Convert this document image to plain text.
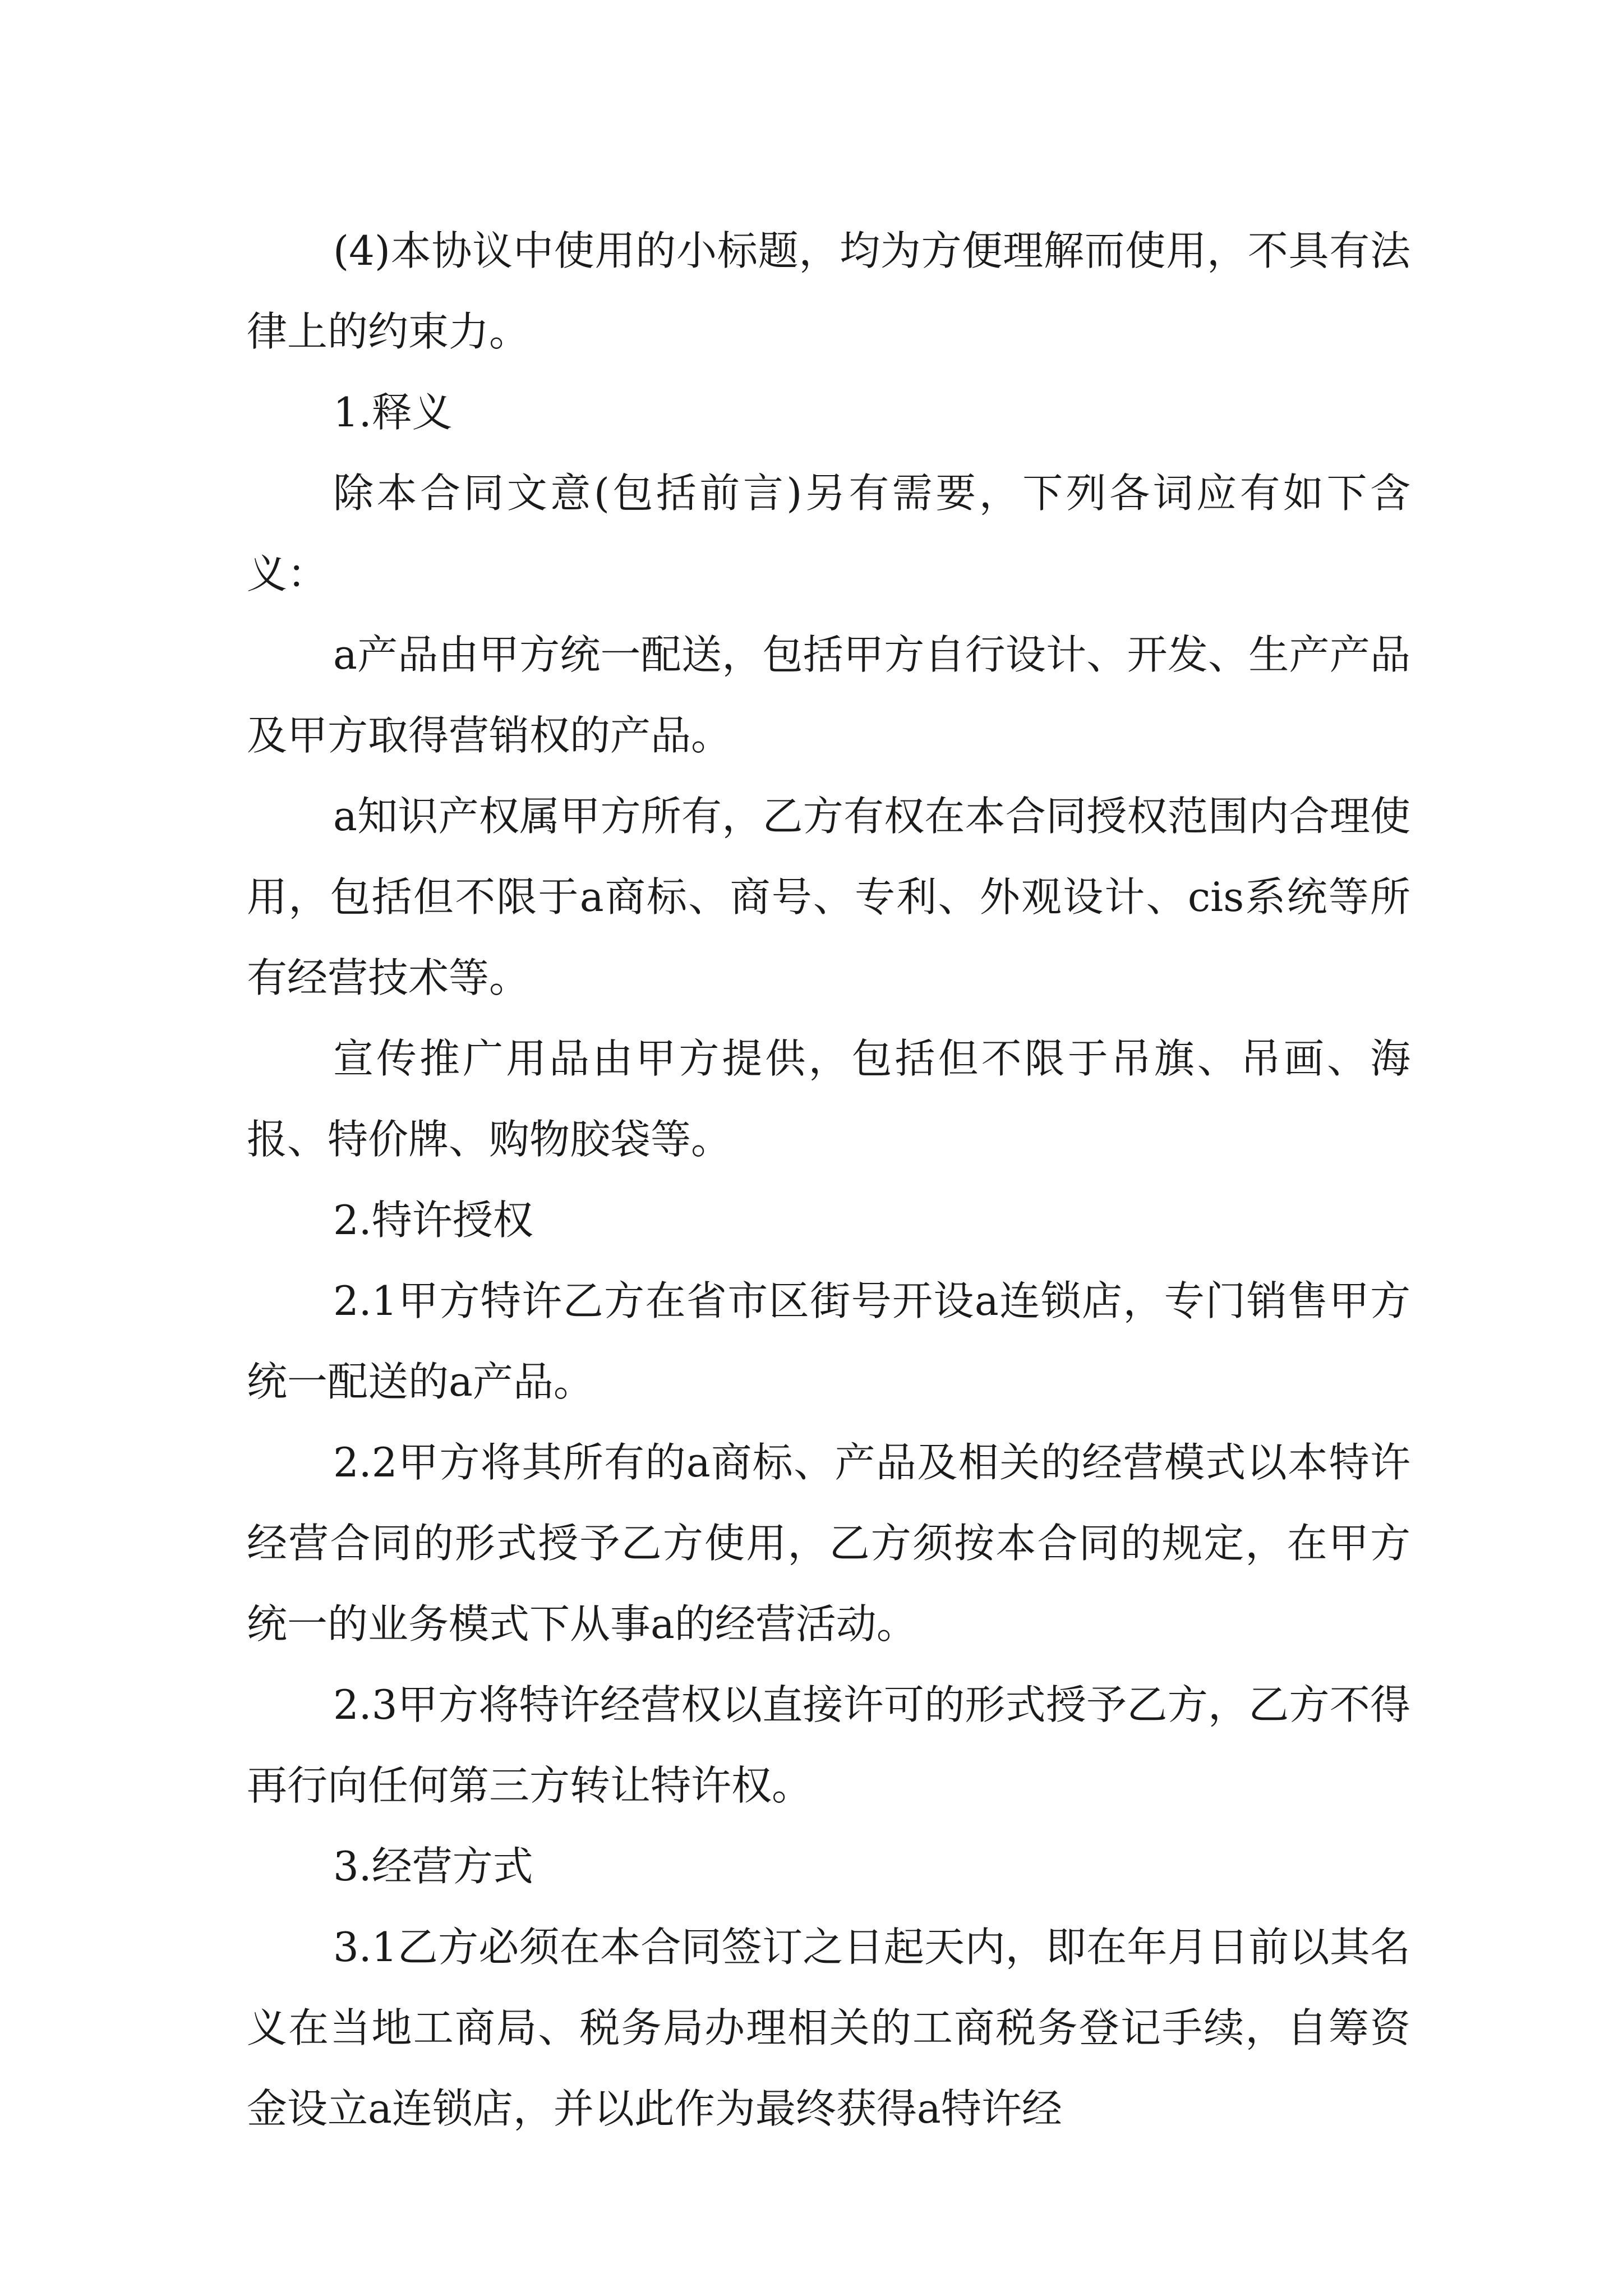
(4)本协议中使用的小标题，均为方便理解而使用，不具有法律上的约束力。

1.释义

除本合同文意(包括前言)另有需要，下列各词应有如下含义：

a产品由甲方统一配送，包括甲方自行设计、开发、生产产品及甲方取得营销权的产品。

a知识产权属甲方所有，乙方有权在本合同授权范围内合理使用，包括但不限于a商标、商号、专利、外观设计、cis系统等所有经营技术等。

宣传推广用品由甲方提供，包括但不限于吊旗、吊画、海报、特价牌、购物胶袋等。

2.特许授权

2.1甲方特许乙方在省市区街号开设a连锁店，专门销售甲方统一配送的a产品。

2.2甲方将其所有的a商标、产品及相关的经营模式以本特许经营合同的形式授予乙方使用，乙方须按本合同的规定，在甲方统一的业务模式下从事a的经营活动。

2.3甲方将特许经营权以直接许可的形式授予乙方，乙方不得再行向任何第三方转让特许权。

3.经营方式

3.1乙方必须在本合同签订之日起天内，即在年月日前以其名义在当地工商局、税务局办理相关的工商税务登记手续，自筹资金设立a连锁店，并以此作为最终获得a特许经
